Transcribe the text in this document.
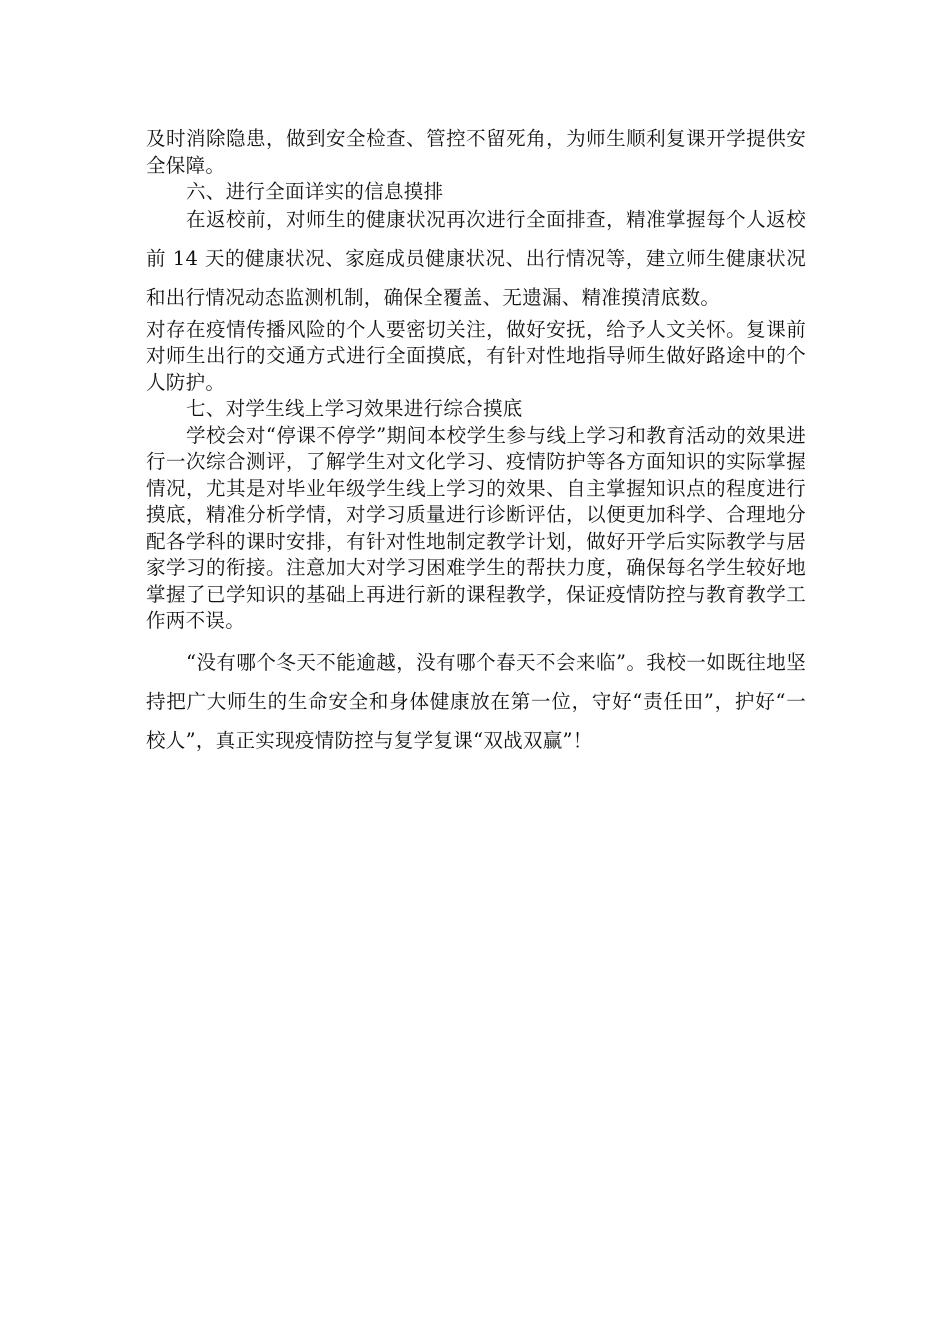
及时消除隐患，做到安全检查、管控不留死角，为师生顺利复课开学提供安全保障。

六、进行全面详实的信息摸排

在返校前，对师生的健康状况再次进行全面排查，精准掌握每个人返校前 14 天的健康状况、家庭成员健康状况、出行情况等，建立师生健康状况和出行情况动态监测机制，确保全覆盖、无遗漏、精准摸清底数。

对存在疫情传播风险的个人要密切关注，做好安抚，给予人文关怀。复课前对师生出行的交通方式进行全面摸底，有针对性地指导师生做好路途中的个人防护。

七、对学生线上学习效果进行综合摸底

学校会对“停课不停学”期间本校学生参与线上学习和教育活动的效果进行一次综合测评，了解学生对文化学习、疫情防护等各方面知识的实际掌握情况，尤其是对毕业年级学生线上学习的效果、自主掌握知识点的程度进行摸底，精准分析学情，对学习质量进行诊断评估，以便更加科学、合理地分配各学科的课时安排，有针对性地制定教学计划，做好开学后实际教学与居家学习的衔接。注意加大对学习困难学生的帮扶力度，确保每名学生较好地掌握了已学知识的基础上再进行新的课程教学，保证疫情防控与教育教学工作两不误。

“没有哪个冬天不能逾越，没有哪个春天不会来临”。我校一如既往地坚持把广大师生的生命安全和身体健康放在第一位，守好“责任田”，护好“一校人”，真正实现疫情防控与复学复课“双战双赢”！
